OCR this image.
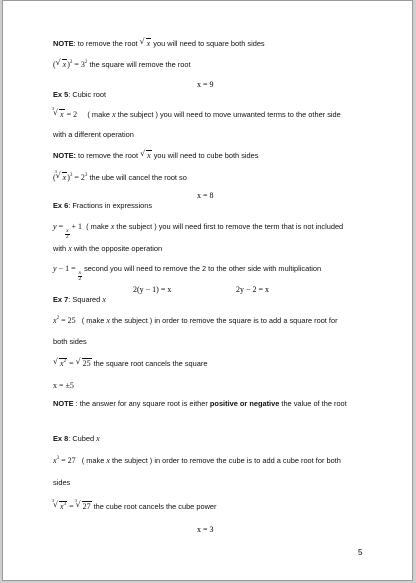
NOTE: to remove the root √ x you will need to square both sides
(√ $x)^2 = 3^2$ the square will remove the root
x = 9
Ex 5: Cubic root
√ 3
x = 2 ( make x the subject ) you will need to move unwanted terms to the other side
with a different operation
NOTE: to remove the root √ x you will need to cube both sides
(
√ 3
$x)^3 = 2^3$ the ube will cancel the root so
x = 8
Ex 6: Fractions in expressions
y =
$\frac{x}{2}$
+ 1 ( make x the subject ) you will need first to remove the term that is not included
with x with the opposite operation
y − 1 =
$\frac{x}{2}$
second you will need to remove the 2 to the other side with multiplication
2(y − 1) = x	2y − 2 = x
Ex 7: Squared x
$x^2 = 25$ ( make x the subject ) in order to remove the square is to add a square root for
both sides
√ $x^2$ = √ 25 the square root cancels the square
x = ±5
NOTE : the answer for any square root is either positive or negative the value of the root
Ex 8: Cubed x
$x^3 = 27$ ( make x the subject ) in order to remove the cube is to add a cube root for both
sides
√ 3
$x^3$ =
√ 3
27 the cube root cancels the cube power
x = 3
5
